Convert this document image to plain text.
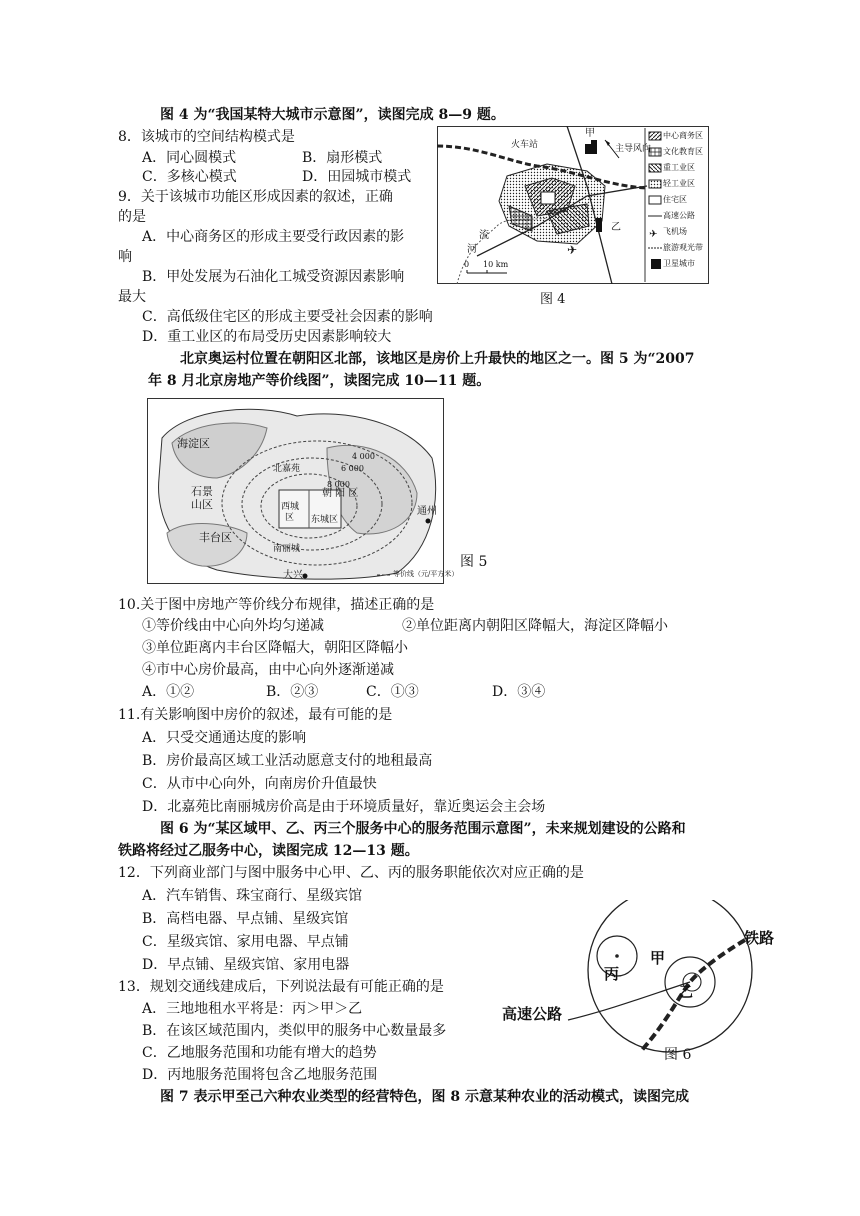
图 4 为“我国某特大城市示意图”，读图完成 8—9 题。
8．该城市的空间结构模式是
A．同心圆模式	B．扇形模式
C．多核心模式	D．田园城市模式
9．关于该城市功能区形成因素的叙述，正确
的是
A．中心商务区的形成主要受行政因素的影
响
B．甲处发展为石油化工城受资源因素影响
最大
C．高低级住宅区的形成主要受社会因素的影响
D．重工业区的布局受历史因素影响较大
✈
✈
火车站	主导风向
甲
乙
流
河
0 10 km
中心商务区
文化教育区
重工业区
轻工业区
住宅区
高速公路
飞机场
旅游观光带
卫星城市
图 4
北京奥运村位置在朝阳区北部，该地区是房价上升最快的地区之一。图 5 为“2007
年 8 月北京房地产等价线图”，读图完成 10—11 题。
海淀区
石景
山区
丰台区
北嘉苑
朝 阳 区
西城
区 东城区
南丽城
通州
大兴
4 000
6 000
8 000
等价线（元/平方米）
图 5
10.关于图中房地产等价线分布规律，描述正确的是
①等价线由中心向外均匀递减	②单位距离内朝阳区降幅大，海淀区降幅小
③单位距离内丰台区降幅大，朝阳区降幅小
④市中心房价最高，由中心向外逐渐递减
A．①②	B．②③	C．①③	D．③④
11.有关影响图中房价的叙述，最有可能的是
A．只受交通通达度的影响
B．房价最高区域工业活动愿意支付的地租最高
C．从市中心向外，向南房价升值最快
D．北嘉苑比南丽城房价高是由于环境质量好，靠近奥运会主会场
图 6 为“某区域甲、乙、丙三个服务中心的服务范围示意图”，未来规划建设的公路和
铁路将经过乙服务中心，读图完成 12—13 题。
12．下列商业部门与图中服务中心甲、乙、丙的服务职能依次对应正确的是
A．汽车销售、珠宝商行、星级宾馆
B．高档电器、早点铺、星级宾馆
C．星级宾馆、家用电器、早点铺
D．早点铺、星级宾馆、家用电器
13．规划交通线建成后，下列说法最有可能正确的是
A．三地地租水平将是：丙＞甲＞乙
B．在该区域范围内，类似甲的服务中心数量最多
C．乙地服务范围和功能有增大的趋势
D．丙地服务范围将包含乙地服务范围
甲
丙
乙
铁路
高速公路
图 6
图 7 表示甲至己六种农业类型的经营特色，图 8 示意某种农业的活动模式，读图完成
